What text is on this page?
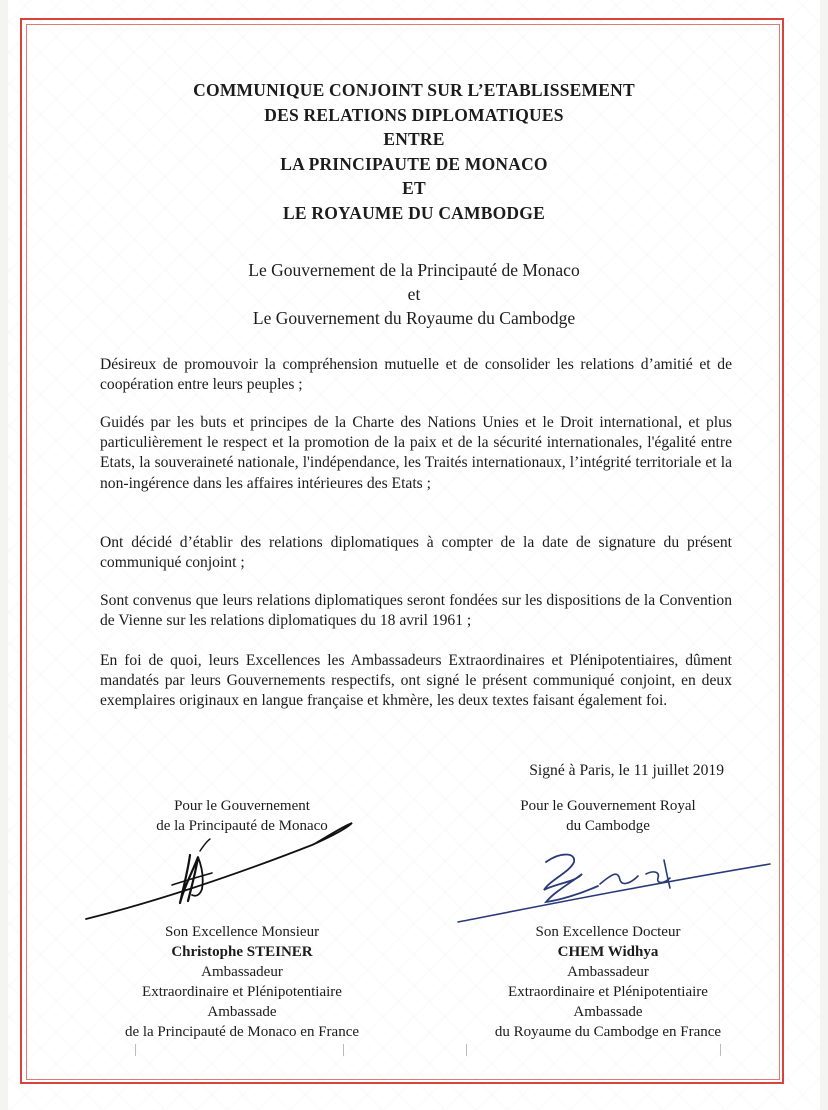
COMMUNIQUE CONJOINT SUR L’ETABLISSEMENT
DES RELATIONS DIPLOMATIQUES
ENTRE
LA PRINCIPAUTE DE MONACO
ET
LE ROYAUME DU CAMBODGE
Le Gouvernement de la Principauté de Monaco
et
Le Gouvernement du Royaume du Cambodge

Désireux de promouvoir la compréhension mutuelle et de consolider les relations d’amitié et de coopération entre leurs peuples ;

Guidés par les buts et principes de la Charte des Nations Unies et le Droit international, et plus particulièrement le respect et la promotion de la paix et de la sécurité internationales, l'égalité entre Etats, la souveraineté nationale, l'indépendance, les Traités internationaux, l’intégrité territoriale et la non-ingérence dans les affaires intérieures des Etats ;

Ont décidé d’établir des relations diplomatiques à compter de la date de signature du présent communiqué conjoint ;

Sont convenus que leurs relations diplomatiques seront fondées sur les dispositions de la Convention de Vienne sur les relations diplomatiques du 18 avril 1961 ;

En foi de quoi, leurs Excellences les Ambassadeurs Extraordinaires et Plénipotentiaires, dûment mandatés par leurs Gouvernements respectifs, ont signé le présent communiqué conjoint, en deux exemplaires originaux en langue française et khmère, les deux textes faisant également foi.

Signé à Paris, le 11 juillet 2019
Pour le Gouvernement
de la Principauté de Monaco
Son Excellence Monsieur
Christophe STEINER
Ambassadeur
Extraordinaire et Plénipotentiaire
Ambassade
de la Principauté de Monaco en France
Pour le Gouvernement Royal
du Cambodge
Son Excellence Docteur
CHEM Widhya
Ambassadeur
Extraordinaire et Plénipotentiaire
Ambassade
du Royaume du Cambodge en France
